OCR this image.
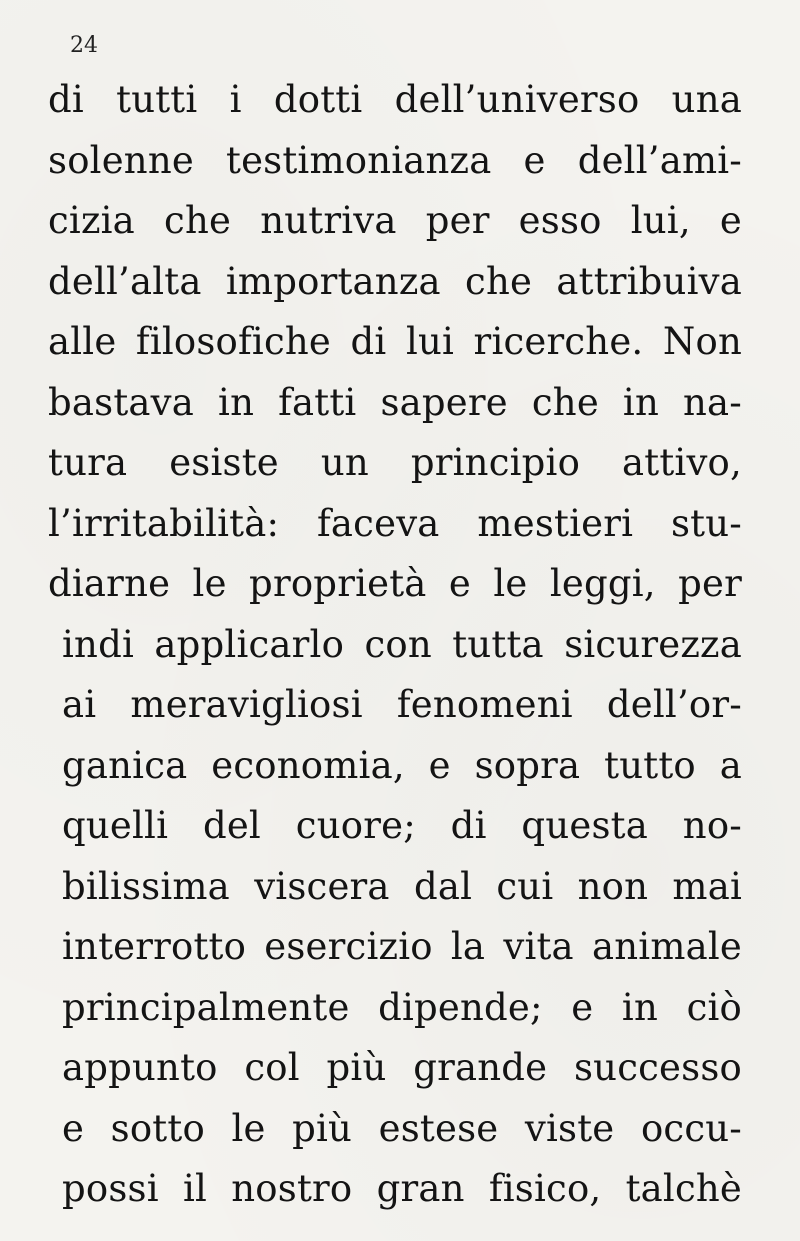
24
di tutti i dotti dell’universo una
solenne testimonianza e dell’ami-
cizia che nutriva per esso lui, e
dell’alta importanza che attribuiva
alle filosofiche di lui ricerche. Non
bastava in fatti sapere che in na-
tura esiste un principio attivo,
l’irritabilità: faceva mestieri stu-
diarne le proprietà e le leggi, per
indi applicarlo con tutta sicurezza
ai meravigliosi fenomeni dell’or-
ganica economia, e sopra tutto a
quelli del cuore; di questa no-
bilissima viscera dal cui non mai
interrotto esercizio la vita animale
principalmente dipende; e in ciò
appunto col più grande successo
e sotto le più estese viste occu-
possi il nostro gran fisico, talchè
